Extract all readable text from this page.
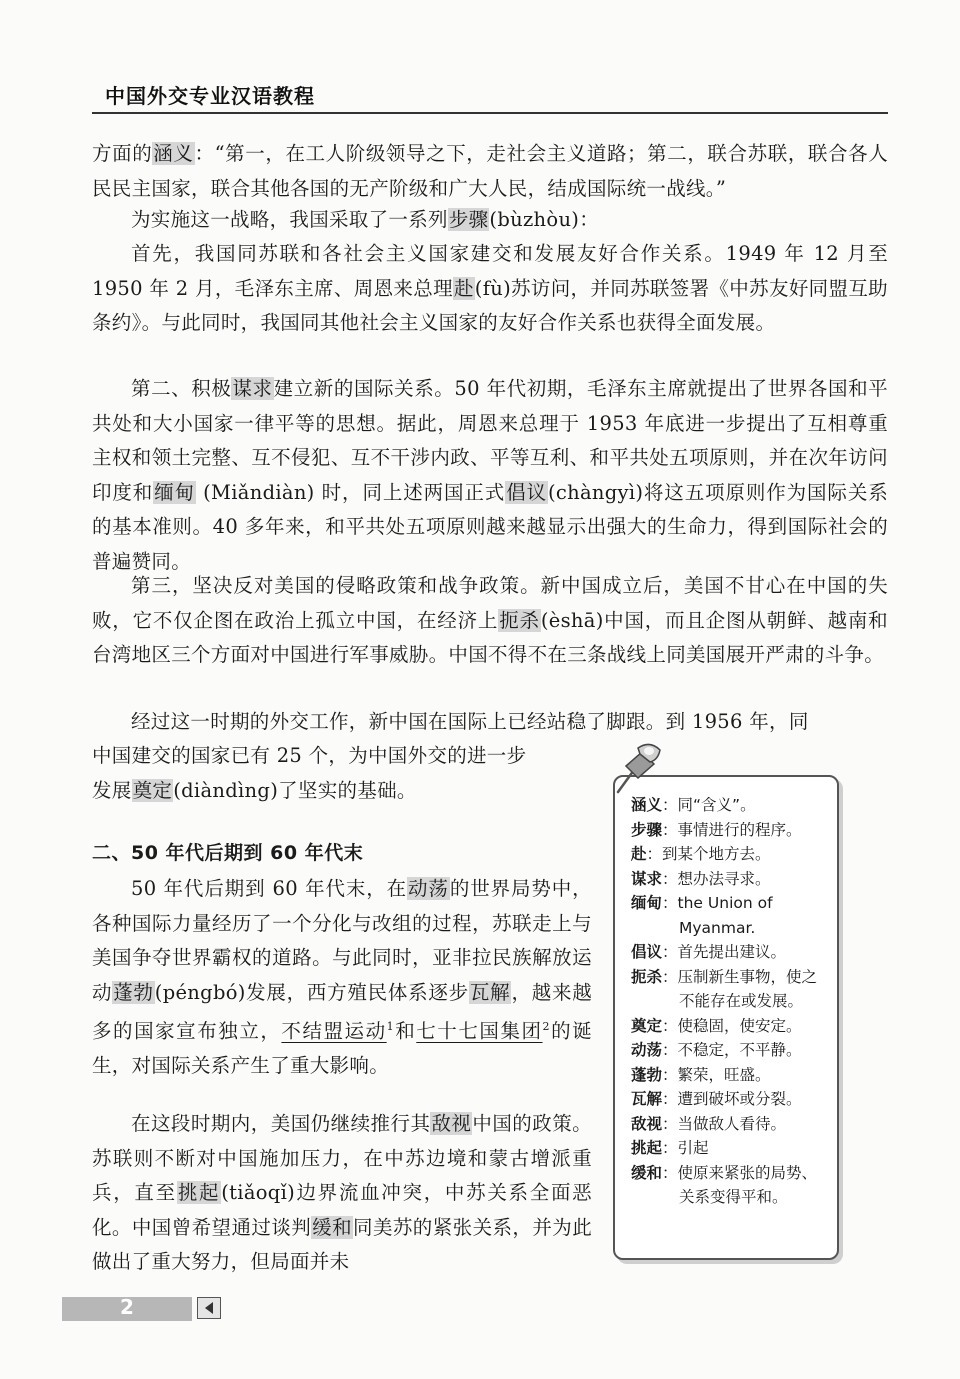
中国外交专业汉语教程

方面的涵义：“第一，在工人阶级领导之下，走社会主义道路；第二，联合苏联，联合各人民民主国家，联合其他各国的无产阶级和广大人民，结成国际统一战线。”

为实施这一战略，我国采取了一系列步骤(bùzhòu)：

首先，我国同苏联和各社会主义国家建交和发展友好合作关系。1949 年 12 月至 1950 年 2 月，毛泽东主席、周恩来总理赴(fù)苏访问，并同苏联签署《中苏友好同盟互助条约》。与此同时，我国同其他社会主义国家的友好合作关系也获得全面发展。

第二、积极谋求建立新的国际关系。50 年代初期，毛泽东主席就提出了世界各国和平共处和大小国家一律平等的思想。据此，周恩来总理于 1953 年底进一步提出了互相尊重主权和领土完整、互不侵犯、互不干涉内政、平等互利、和平共处五项原则，并在次年访问印度和缅甸 (Miǎndiàn) 时，同上述两国正式倡议(chàngyì)将这五项原则作为国际关系的基本准则。40 多年来，和平共处五项原则越来越显示出强大的生命力，得到国际社会的普遍赞同。

第三，坚决反对美国的侵略政策和战争政策。新中国成立后，美国不甘心在中国的失败，它不仅企图在政治上孤立中国，在经济上扼杀(èshā)中国，而且企图从朝鲜、越南和台湾地区三个方面对中国进行军事威胁。中国不得不在三条战线上同美国展开严肃的斗争。

经过这一时期的外交工作，新中国在国际上已经站稳了脚跟。到 1956 年，同

中国建交的国家已有 25 个，为中国外交的进一步
发展奠定(diàndìng)了坚实的基础。

二、50 年代后期到 60 年代末

50 年代后期到 60 年代末，在动荡的世界局势中，各种国际力量经历了一个分化与改组的过程，苏联走上与美国争夺世界霸权的道路。与此同时，亚非拉民族解放运动蓬勃(péngbó)发展，西方殖民体系逐步瓦解，越来越多的国家宣布独立，不结盟运动$^1$和七十七国集团$^2$的诞生，对国际关系产生了重大影响。

在这段时期内，美国仍继续推行其敌视中国的政策。苏联则不断对中国施加压力，在中苏边境和蒙古增派重兵，直至挑起(tiǎoqǐ)边界流血冲突，中苏关系全面恶化。中国曾希望通过谈判缓和同美苏的紧张关系，并为此做出了重大努力，但局面并未

涵义：同“含义”。

步骤：事情进行的程序。

赴：到某个地方去。

谋求：想办法寻求。

缅甸：the Union of Myanmar.

倡议：首先提出建议。

扼杀：压制新生事物，使之不能存在或发展。

奠定：使稳固，使安定。

动荡：不稳定，不平静。

蓬勃：繁荣，旺盛。

瓦解：遭到破坏或分裂。

敌视：当做敌人看待。

挑起：引起

缓和：使原来紧张的局势、关系变得平和。

2
